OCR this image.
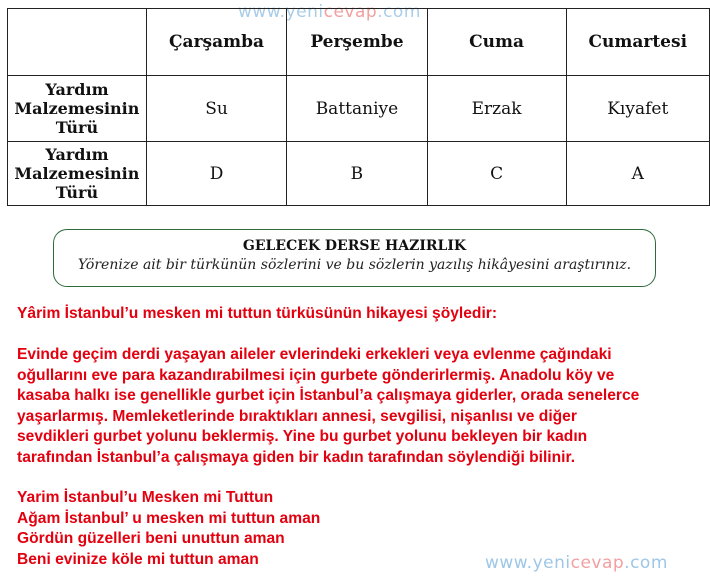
www.yenicevap.com
	Çarşamba	Perşembe	Cuma	Cumartesi

Yardım
Malzemesinin
Türü	Su	Battaniye	Erzak	Kıyafet

Yardım
Malzemesinin
Türü	D	B	C	A
GELECEK DERSE HAZIRLIK
Yörenize ait bir türkünün sözlerini ve bu sözlerin yazılış hikâyesini araştırınız.
Yârim İstanbul’u mesken mi tuttun türküsünün hikayesi şöyledir:
Evinde geçim derdi yaşayan aileler evlerindeki erkekleri veya evlenme çağındaki
oğullarını eve para kazandırabilmesi için gurbete gönderirlermiş. Anadolu köy ve
kasaba halkı ise genellikle gurbet için İstanbul’a çalışmaya giderler, orada senelerce
yaşarlarmış. Memleketlerinde bıraktıkları annesi, sevgilisi, nişanlısı ve diğer
sevdikleri gurbet yolunu beklermiş. Yine bu gurbet yolunu bekleyen bir kadın
tarafından İstanbul’a çalışmaya giden bir kadın tarafından söylendiği bilinir.
Yarim İstanbul’u Mesken mi Tuttun
Ağam İstanbul’ u mesken mi tuttun aman
Gördün güzelleri beni unuttun aman
Beni evinize köle mi tuttun aman	www.yenicevap.com
